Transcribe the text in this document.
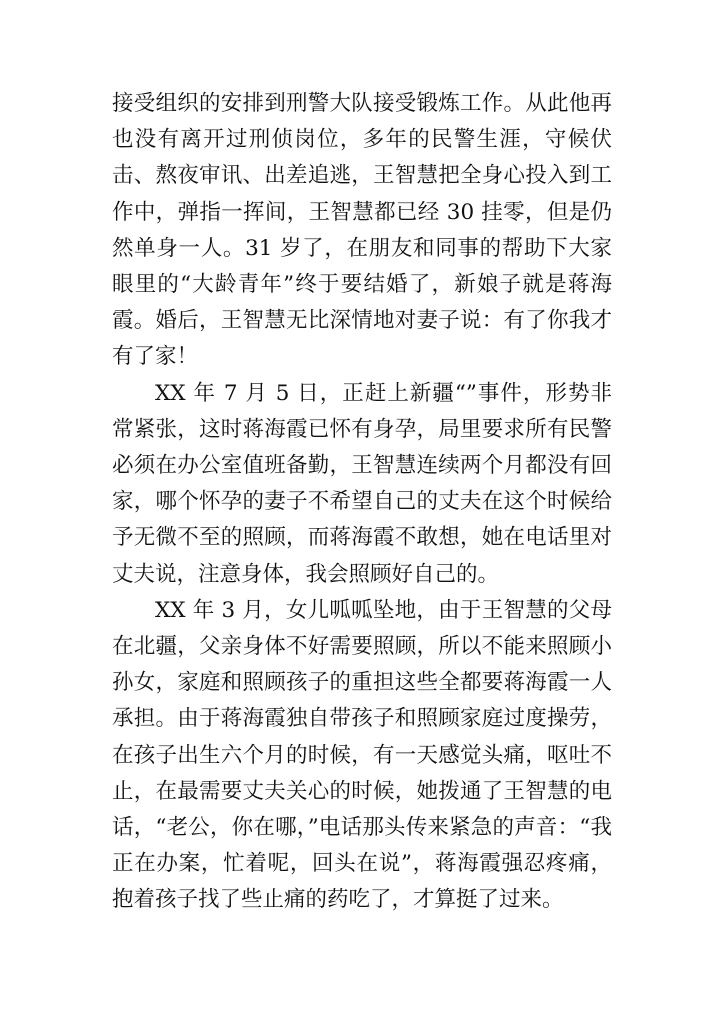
接受组织的安排到刑警大队接受锻炼工作。从此他再也没有离开过刑侦岗位，多年的民警生涯，守候伏击、熬夜审讯、出差追逃，王智慧把全身心投入到工作中，弹指一挥间，王智慧都已经 30 挂零，但是仍然单身一人。31 岁了，在朋友和同事的帮助下大家眼里的“大龄青年”终于要结婚了，新娘子就是蒋海霞。婚后，王智慧无比深情地对妻子说：有了你我才有了家！

XX 年 7 月 5 日，正赶上新疆“”事件，形势非常紧张，这时蒋海霞已怀有身孕，局里要求所有民警必须在办公室值班备勤，王智慧连续两个月都没有回家，哪个怀孕的妻子不希望自己的丈夫在这个时候给予无微不至的照顾，而蒋海霞不敢想，她在电话里对丈夫说，注意身体，我会照顾好自己的。

XX 年 3 月，女儿呱呱坠地，由于王智慧的父母在北疆，父亲身体不好需要照顾，所以不能来照顾小孙女，家庭和照顾孩子的重担这些全都要蒋海霞一人承担。由于蒋海霞独自带孩子和照顾家庭过度操劳，在孩子出生六个月的时候，有一天感觉头痛，呕吐不止，在最需要丈夫关心的时候，她拨通了王智慧的电话，“老公，你在哪，”电话那头传来紧急的声音：“我正在办案，忙着呢，回头在说”，蒋海霞强忍疼痛，抱着孩子找了些止痛的药吃了，才算挺了过来。
